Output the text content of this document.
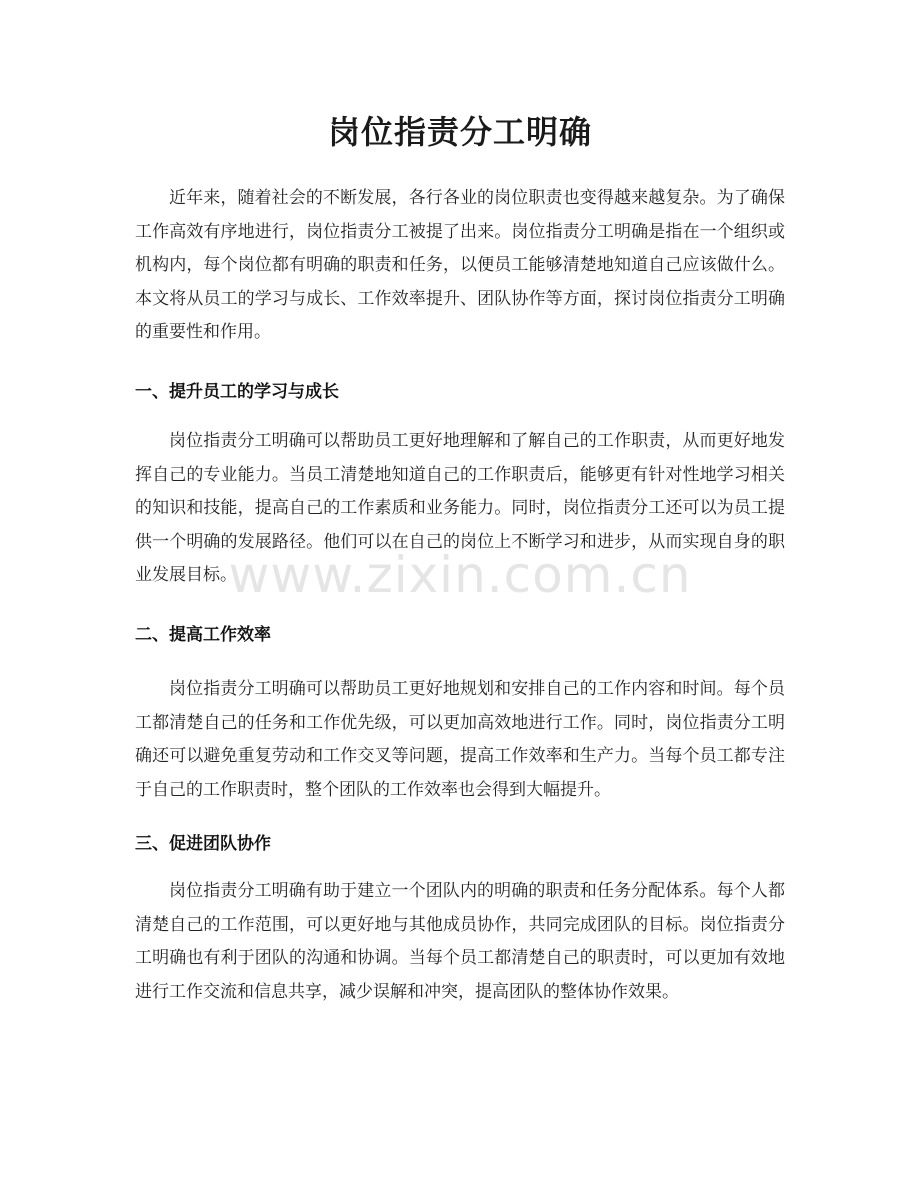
岗位指责分工明确

近年来，随着社会的不断发展，各行各业的岗位职责也变得越来越复杂。为了确保工作高效有序地进行，岗位指责分工被提了出来。岗位指责分工明确是指在一个组织或机构内，每个岗位都有明确的职责和任务，以便员工能够清楚地知道自己应该做什么。本文将从员工的学习与成长、工作效率提升、团队协作等方面，探讨岗位指责分工明确的重要性和作用。

一、提升员工的学习与成长

岗位指责分工明确可以帮助员工更好地理解和了解自己的工作职责，从而更好地发挥自己的专业能力。当员工清楚地知道自己的工作职责后，能够更有针对性地学习相关的知识和技能，提高自己的工作素质和业务能力。同时，岗位指责分工还可以为员工提供一个明确的发展路径。他们可以在自己的岗位上不断学习和进步，从而实现自身的职业发展目标。

二、提高工作效率

岗位指责分工明确可以帮助员工更好地规划和安排自己的工作内容和时间。每个员工都清楚自己的任务和工作优先级，可以更加高效地进行工作。同时，岗位指责分工明确还可以避免重复劳动和工作交叉等问题，提高工作效率和生产力。当每个员工都专注于自己的工作职责时，整个团队的工作效率也会得到大幅提升。

三、促进团队协作

岗位指责分工明确有助于建立一个团队内的明确的职责和任务分配体系。每个人都清楚自己的工作范围，可以更好地与其他成员协作，共同完成团队的目标。岗位指责分工明确也有利于团队的沟通和协调。当每个员工都清楚自己的职责时，可以更加有效地进行工作交流和信息共享，减少误解和冲突，提高团队的整体协作效果。

www.zixin.com.cn
